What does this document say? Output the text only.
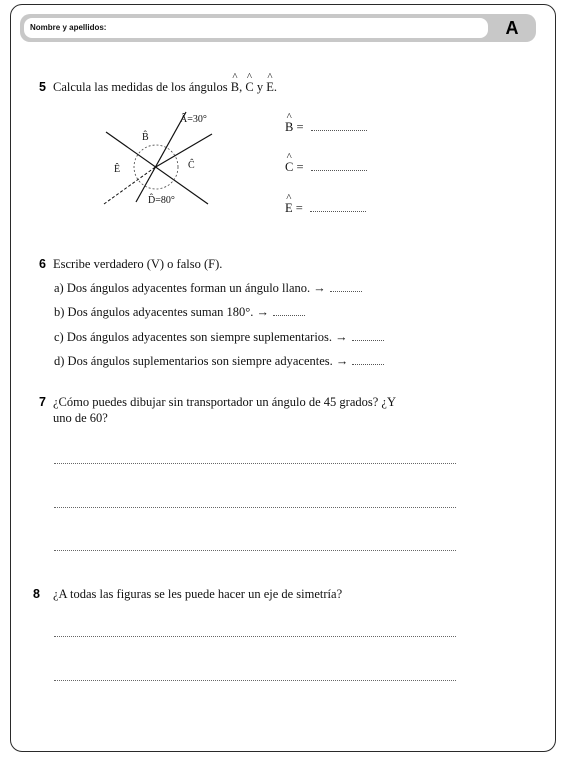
Nombre y apellidos:	A
5 Calcula las medidas de los ángulos ^ B, ^ C y ^ E.
Â=30°
B̂
Ĉ
Ê
D̂=80°
^ B =
^ C =
^ E =
6 Escribe verdadero (V) o falso (F).
a) Dos ángulos adyacentes forman un ángulo llano. →
b) Dos ángulos adyacentes suman 180°. →
c) Dos ángulos adyacentes son siempre suplementarios. →
d) Dos ángulos suplementarios son siempre adyacentes. →
7 ¿Cómo puedes dibujar sin transportador un ángulo de 45 grados? ¿Y
uno de 60?
8 ¿A todas las figuras se les puede hacer un eje de simetría?
